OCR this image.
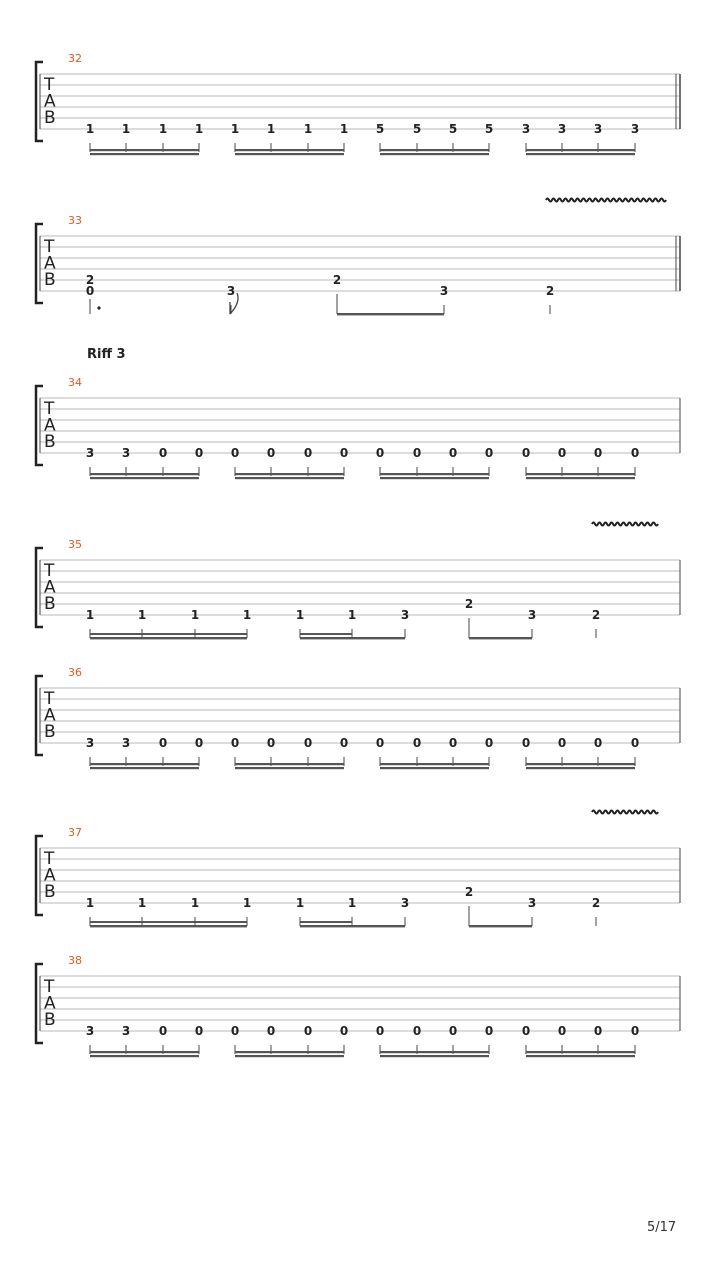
T
A
B
32
1 1 1 1 1 1 1 1 5 5 5 5 3 3 3 3
T
A
B
33
2
0	3
2
3	2
T
A
B
34
Riff 3
3 3 0 0 0 0 0 0 0 0 0 0 0 0 0 0
T
A
B
35
1	1	1	1	1	1	3
2
3	2
T
A
B
36
3 3 0 0 0 0 0 0 0 0 0 0 0 0 0 0
T
A
B
37
1	1	1	1	1	1	3
2
3	2
T
A
B
38
3 3 0 0 0 0 0 0 0 0 0 0 0 0 0 0
5/17
